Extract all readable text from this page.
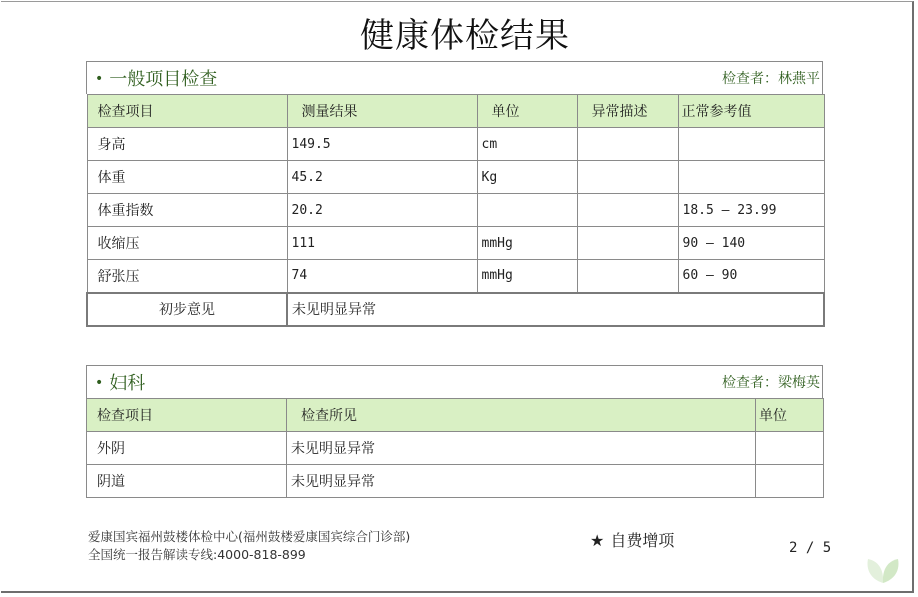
健康体检结果
• 一般项目检查	检查者：林燕平
检查项目	测量结果	单位	异常描述	正常参考值
身高	149.5	cm		
体重	45.2	Kg		
体重指数	20.2			18.5 — 23.99
收缩压	111	mmHg		90 — 140
舒张压	74	mmHg		60 — 90
初步意见	未见明显异常			
• 妇科	检查者：梁梅英
检查项目	检查所见	单位
外阴	未见明显异常	
阴道	未见明显异常	
爱康国宾福州鼓楼体检中心(福州鼓楼爱康国宾综合门诊部)
全国统一报告解读专线:4000-818-899
★ 自费增项	2 / 5
